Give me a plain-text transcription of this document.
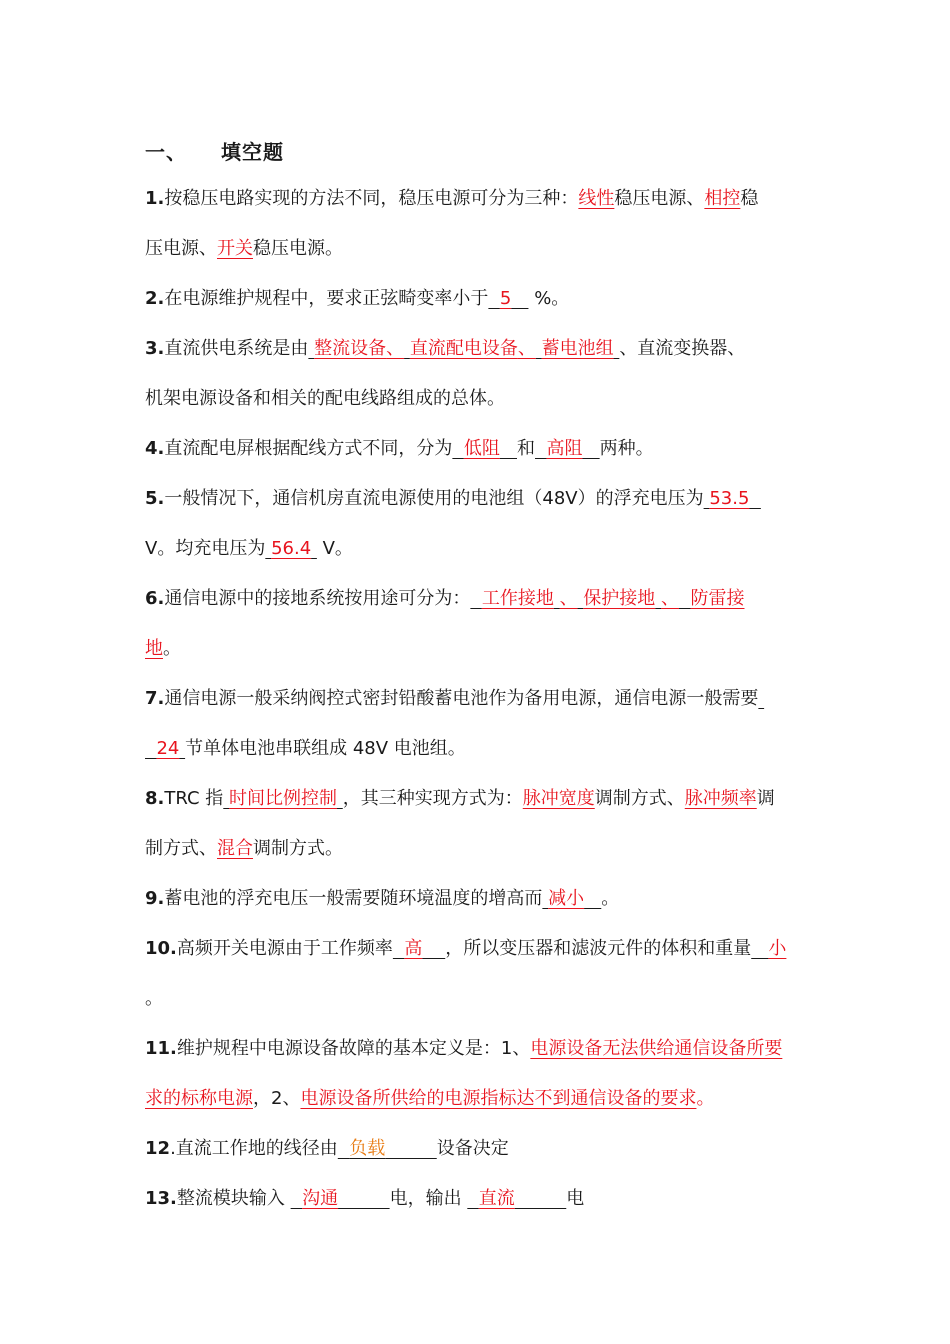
一、 填空题
1.按稳压电路实现的方法不同，稳压电源可分为三种：线性稳压电源、相控稳
压电源、开关稳压电源。
2.在电源维护规程中，要求正弦畸变率小于 5 %。
3.直流供电系统是由 整流设备、 直流配电设备、 蓄电池组 、直流变换器、
机架电源设备和相关的配电线路组成的总体。
4.直流配电屏根据配线方式不同，分为 低阻 和 高阻 两种。
5.一般情况下，通信机房直流电源使用的电池组（48V）的浮充电压为 53.5
V。均充电压为 56.4 V。
6.通信电源中的接地系统按用途可分为： 工作接地 、 保护接地 、 防雷接
地。
7.通信电源一般采纳阀控式密封铅酸蓄电池作为备用电源，通信电源一般需要
24 节单体电池串联组成 48V 电池组。
8.TRC 指 时间比例控制 ，其三种实现方式为：脉冲宽度调制方式、脉冲频率调
制方式、混合调制方式。
9.蓄电池的浮充电压一般需要随环境温度的增高而 减小 。
10.高频开关电源由于工作频率 高 ，所以变压器和滤波元件的体积和重量 小
。
11.维护规程中电源设备故障的基本定义是：1、电源设备无法供给通信设备所要
求的标称电源，2、电源设备所供给的电源指标达不到通信设备的要求。
12.直流工作地的线径由 负载	设备决定
13.整流模块输入 沟通	电，输出 直流	电
